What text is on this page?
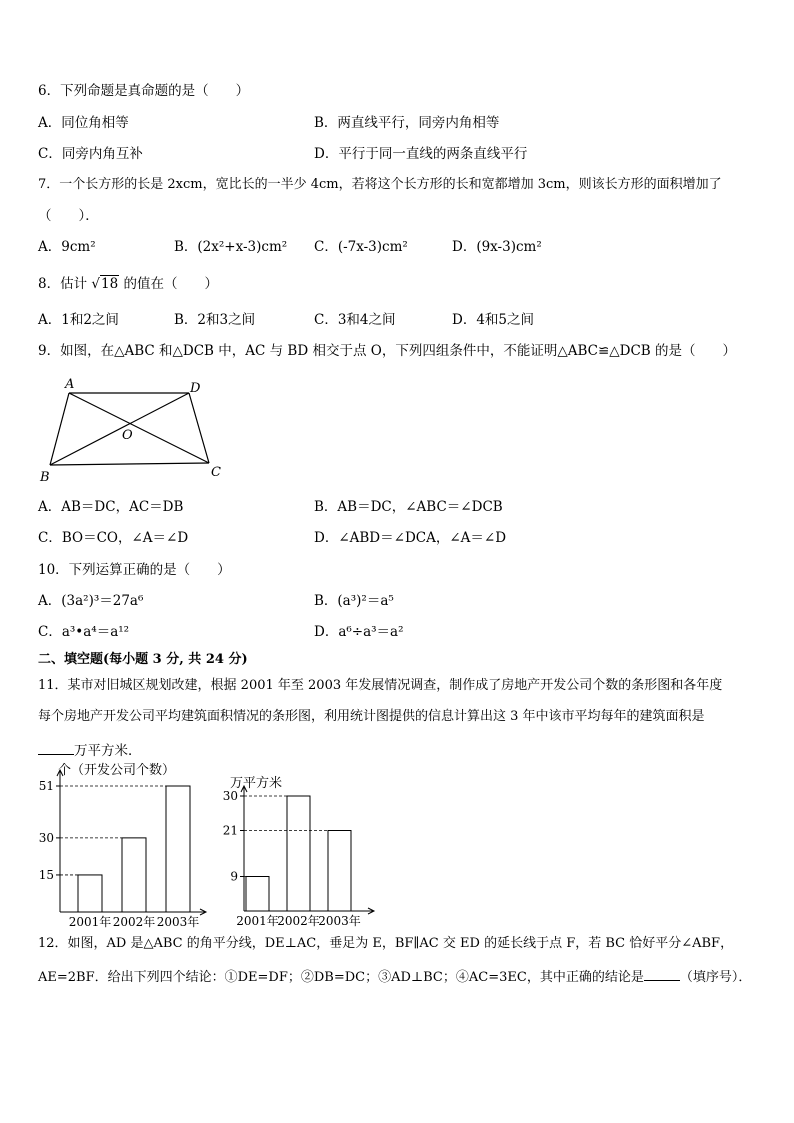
6．下列命题是真命题的是（　　）
A．同位角相等	B．两直线平行，同旁内角相等
C．同旁内角互补	D．平行于同一直线的两条直线平行
7．一个长方形的长是 2xcm，宽比长的一半少 4cm，若将这个长方形的长和宽都增加 3cm，则该长方形的面积增加了
（　　）．
A．9cm²	B．(2x²+x-3)cm² C．(-7x-3)cm²	D．(9x-3)cm²
8．估计 √18 的值在（　　）
A．1和2之间	B．2和3之间	C．3和4之间	D．4和5之间
9．如图，在△ABC 和△DCB 中，AC 与 BD 相交于点 O，下列四组条件中，不能证明△ABC≌△DCB 的是（　　）
A	D
O
B	C
A．AB＝DC，AC＝DB	B．AB＝DC，∠ABC＝∠DCB
C．BO＝CO，∠A＝∠D	D．∠ABD＝∠DCA，∠A＝∠D
10．下列运算正确的是（　　）
A．(3a²)³＝27a⁶	B．(a³)²＝a⁵
C．a³•a⁴＝a¹²	D．a⁶÷a³＝a²
二、填空题(每小题 3 分, 共 24 分)
11．某市对旧城区规划改建，根据 2001 年至 2003 年发展情况调查，制作成了房地产开发公司个数的条形图和各年度
每个房地产开发公司平均建筑面积情况的条形图，利用统计图提供的信息计算出这 3 年中该市平均每年的建筑面积是
万平方米．
个（开发公司个数）
2001年 2002年 2003年
15
30
51	万平方米
2001年
2002年
2003年
9
21
30
12．如图，AD 是△ABC 的角平分线，DE⊥AC，垂足为 E，BF∥AC 交 ED 的延长线于点 F，若 BC 恰好平分∠ABF，
AE=2BF．给出下列四个结论：①DE=DF；②DB=DC；③AD⊥BC；④AC=3EC，其中正确的结论是	（填序号）．
